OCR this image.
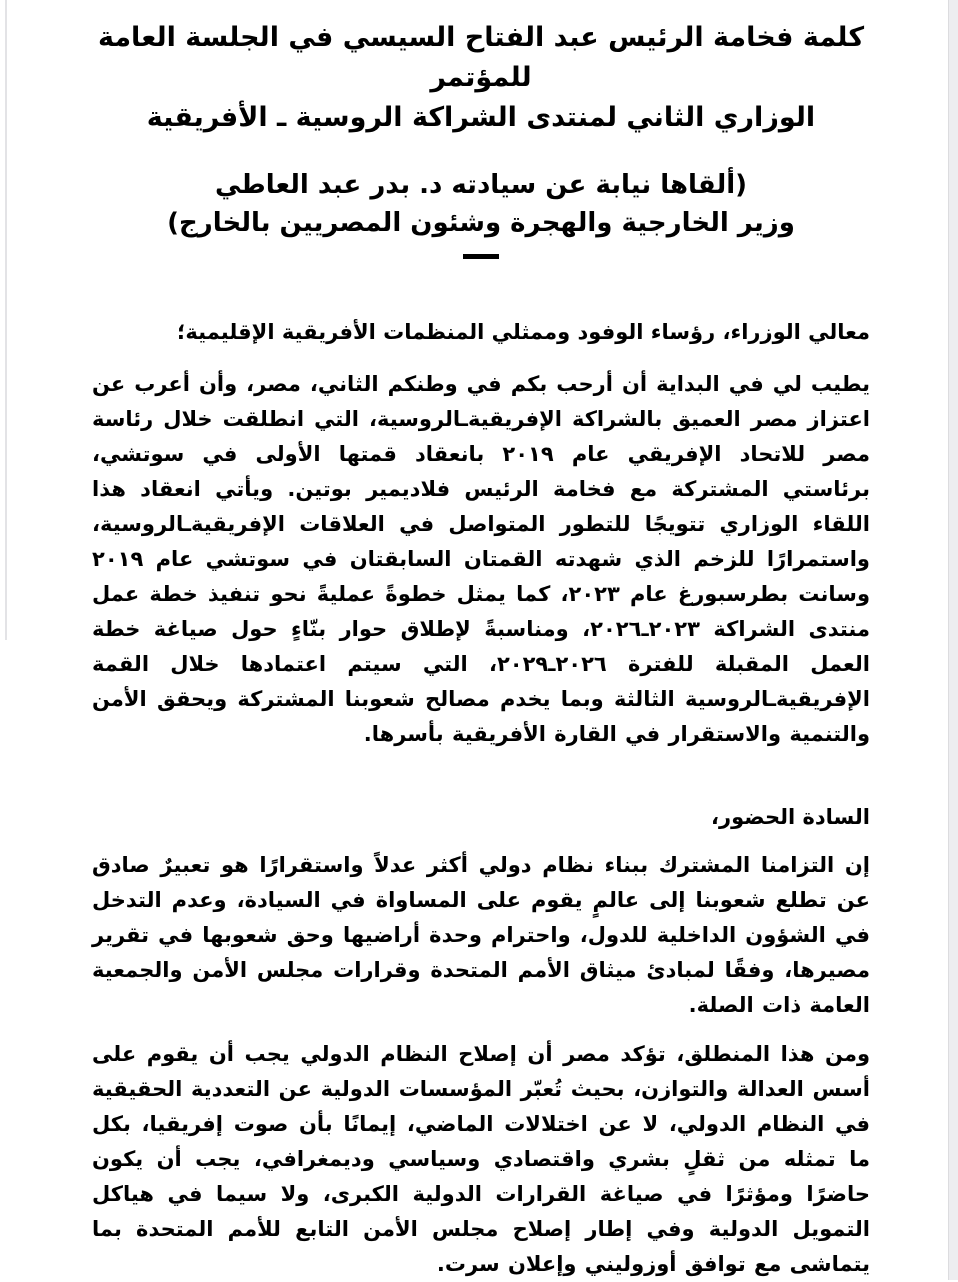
كلمة فخامة الرئيس عبد الفتاح السيسي في الجلسة العامة للمؤتمر
الوزاري الثاني لمنتدى الشراكة الروسية ـ الأفريقية
(ألقاها نيابة عن سيادته د. بدر عبد العاطي
وزير الخارجية والهجرة وشئون المصريين بالخارج)

معالي الوزراء، رؤساء الوفود وممثلي المنظمات الأفريقية الإقليمية؛

يطيب لي في البداية أن أرحب بكم في وطنكم الثاني، مصر، وأن أعرب عن اعتزاز مصر العميق بالشراكة الإفريقيةـالروسية، التي انطلقت خلال رئاسة مصر للاتحاد الإفريقي عام ٢٠١٩ بانعقاد قمتها الأولى في سوتشي، برئاستي المشتركة مع فخامة الرئيس فلاديمير بوتين. ويأتي انعقاد هذا اللقاء الوزاري تتويجًا للتطور المتواصل في العلاقات الإفريقيةـالروسية، واستمرارًا للزخم الذي شهدته القمتان السابقتان في سوتشي عام ٢٠١٩ وسانت بطرسبورغ عام ٢٠٢٣، كما يمثل خطوةً عمليةً نحو تنفيذ خطة عمل منتدى الشراكة ٢٠٢٣ـ٢٠٢٦، ومناسبةً لإطلاق حوار بنّاءٍ حول صياغة خطة العمل المقبلة للفترة ٢٠٢٦ـ٢٠٢٩، التي سيتم اعتمادها خلال القمة الإفريقيةـالروسية الثالثة وبما يخدم مصالح شعوبنا المشتركة ويحقق الأمن والتنمية والاستقرار في القارة الأفريقية بأسرها.

السادة الحضور،

إن التزامنا المشترك ببناء نظام دولي أكثر عدلاً واستقرارًا هو تعبيرٌ صادق عن تطلع شعوبنا إلى عالمٍ يقوم على المساواة في السيادة، وعدم التدخل في الشؤون الداخلية للدول، واحترام وحدة أراضيها وحق شعوبها في تقرير مصيرها، وفقًا لمبادئ ميثاق الأمم المتحدة وقرارات مجلس الأمن والجمعية العامة ذات الصلة.

ومن هذا المنطلق، تؤكد مصر أن إصلاح النظام الدولي يجب أن يقوم على أسس العدالة والتوازن، بحيث تُعبّر المؤسسات الدولية عن التعددية الحقيقية في النظام الدولي، لا عن اختلالات الماضي، إيمانًا بأن صوت إفريقيا، بكل ما تمثله من ثقلٍ بشري واقتصادي وسياسي وديمغرافي، يجب أن يكون حاضرًا ومؤثرًا في صياغة القرارات الدولية الكبرى، ولا سيما في هياكل التمويل الدولية وفي إطار إصلاح مجلس الأمن التابع للأمم المتحدة بما يتماشى مع توافق أوزوليني وإعلان سرت.
